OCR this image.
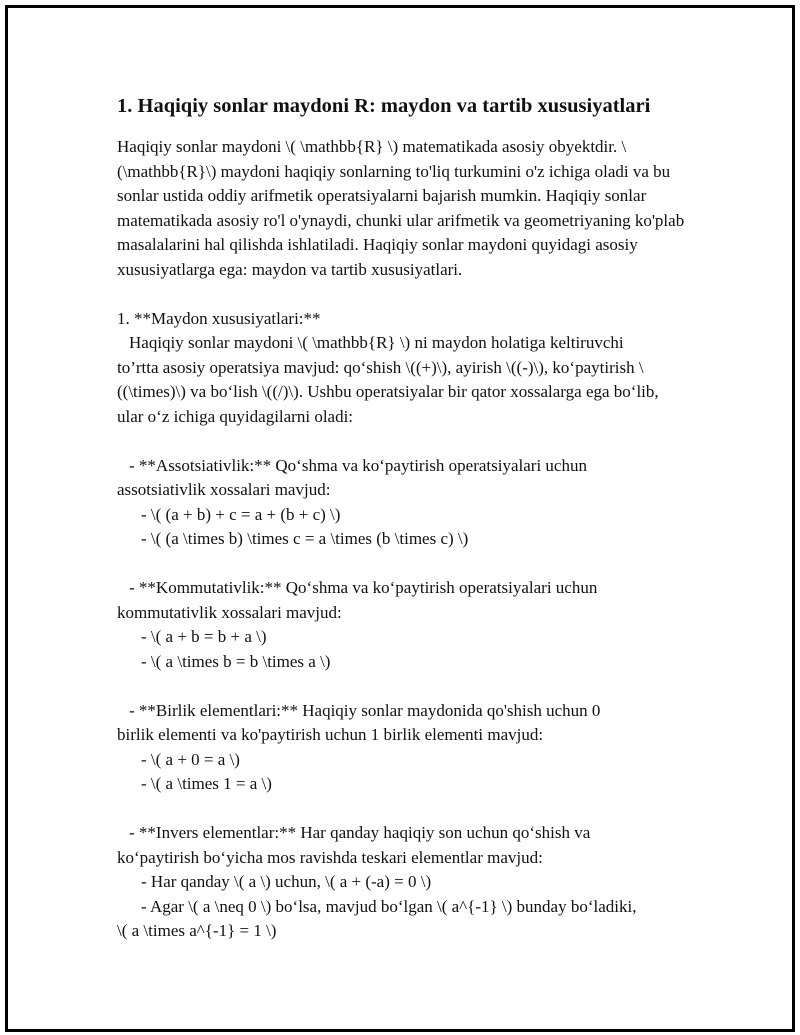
1. Haqiqiy sonlar maydoni R: maydon va tartib xususiyatlari

Haqiqiy sonlar maydoni \( \mathbb{R} \) matematikada asosiy obyektdir. \(\mathbb{R}\) maydoni haqiqiy sonlarning to'liq turkumini o'z ichiga oladi va bu sonlar ustida oddiy arifmetik operatsiyalarni bajarish mumkin. Haqiqiy sonlar matematikada asosiy ro'l o'ynaydi, chunki ular arifmetik va geometriyaning ko'plab masalalarini hal qilishda ishlatiladi. Haqiqiy sonlar maydoni quyidagi asosiy xususiyatlarga ega: maydon va tartib xususiyatlari.

1. **Maydon xususiyatlari:**
Haqiqiy sonlar maydoni \( \mathbb{R} \) ni maydon holatiga keltiruvchi
to’rtta asosiy operatsiya mavjud: qo‘shish \((+)\), ayirish \((-)\), ko‘paytirish \((\times)\) va bo‘lish \((/)\). Ushbu operatsiyalar bir qator xossalarga ega bo‘lib, ular o‘z ichiga quyidagilarni oladi:
- **Assotsiativlik:** Qo‘shma va ko‘paytirish operatsiyalari uchun
assotsiativlik xossalari mavjud:
- \( (a + b) + c = a + (b + c) \)
- \( (a \times b) \times c = a \times (b \times c) \)
- **Kommutativlik:** Qo‘shma va ko‘paytirish operatsiyalari uchun
kommutativlik xossalari mavjud:
- \( a + b = b + a \)
- \( a \times b = b \times a \)
- **Birlik elementlari:** Haqiqiy sonlar maydonida qo'shish uchun 0
birlik elementi va ko'paytirish uchun 1 birlik elementi mavjud:
- \( a + 0 = a \)
- \( a \times 1 = a \)
- **Invers elementlar:** Har qanday haqiqiy son uchun qo‘shish va
ko‘paytirish bo‘yicha mos ravishda teskari elementlar mavjud:
- Har qanday \( a \) uchun, \( a + (-a) = 0 \)
- Agar \( a \neq 0 \) bo‘lsa, mavjud bo‘lgan \( a^{-1} \) bunday bo‘ladiki,
\( a \times a^{-1} = 1 \)
